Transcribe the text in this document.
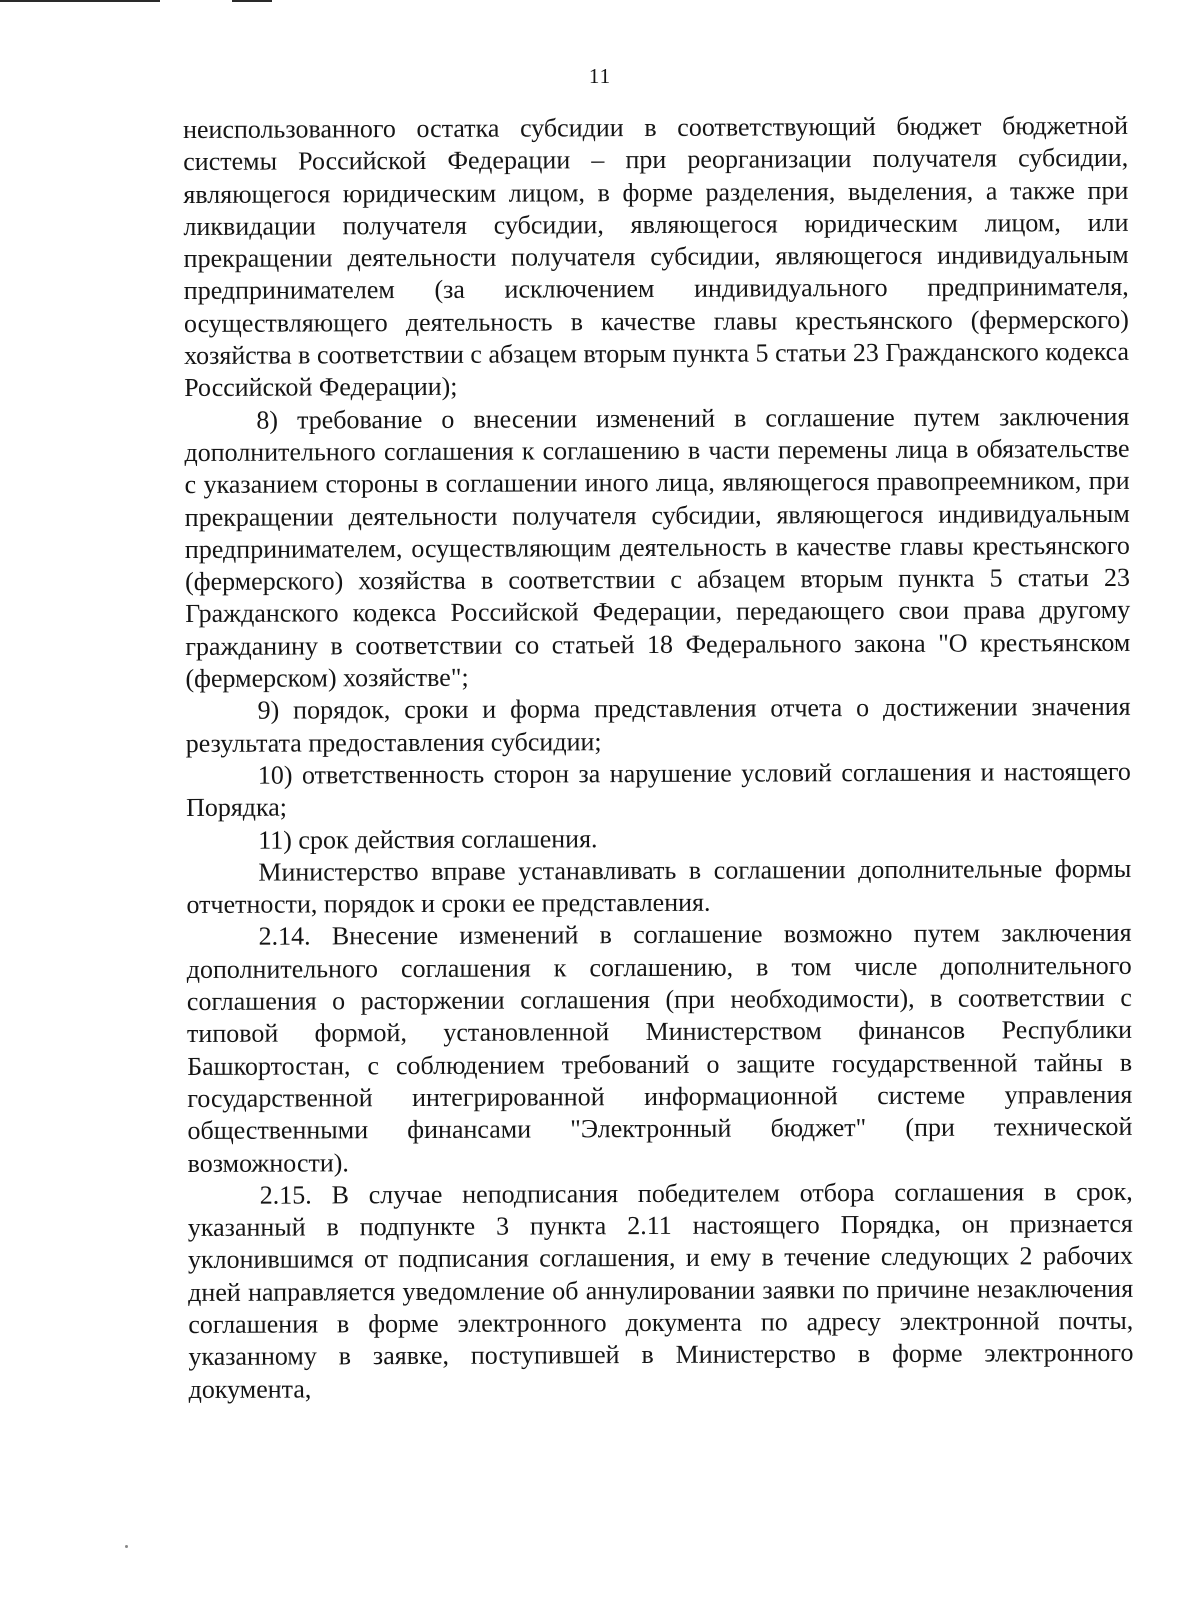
11

неиспользованного остатка субсидии в соответствующий бюджет бюджетной системы Российской Федерации – при реорганизации получателя субсидии, являющегося юридическим лицом, в форме разделения, выделения, а также при ликвидации получателя субсидии, являющегося юридическим лицом, или прекращении деятельности получателя субсидии, являющегося индивидуальным предпринимателем (за исключением индивидуального предпринимателя, осуществляющего деятельность в качестве главы крестьянского (фермерского) хозяйства в соответствии с абзацем вторым пункта 5 статьи 23 Гражданского кодекса Российской Федерации);

8) требование о внесении изменений в соглашение путем заключения дополнительного соглашения к соглашению в части перемены лица в обязательстве с указанием стороны в соглашении иного лица, являющегося правопреемником, при прекращении деятельности получателя субсидии, являющегося индивидуальным предпринимателем, осуществляющим деятельность в качестве главы крестьянского (фермерского) хозяйства в соответствии с абзацем вторым пункта 5 статьи 23 Гражданского кодекса Российской Федерации, передающего свои права другому гражданину в соответствии со статьей 18 Федерального закона "О крестьянском (фермерском) хозяйстве";

9) порядок, сроки и форма представления отчета о достижении значения результата предоставления субсидии;

10) ответственность сторон за нарушение условий соглашения и настоящего Порядка;

11) срок действия соглашения.

Министерство вправе устанавливать в соглашении дополнительные формы отчетности, порядок и сроки ее представления.

2.14. Внесение изменений в соглашение возможно путем заключения дополнительного соглашения к соглашению, в том числе дополнительного соглашения о расторжении соглашения (при необходимости), в соответствии с типовой формой, установленной Министерством финансов Республики Башкортостан, с соблюдением требований о защите государственной тайны в государственной интегрированной информационной системе управления общественными финансами "Электронный бюджет" (при технической возможности).

2.15. В случае неподписания победителем отбора соглашения в срок, указанный в подпункте 3 пункта 2.11 настоящего Порядка, он признается уклонившимся от подписания соглашения, и ему в течение следующих 2 рабочих дней направляется уведомление об аннулировании заявки по причине незаключения соглашения в форме электронного документа по адресу электронной почты, указанному в заявке, поступившей в Министерство в форме электронного документа,
